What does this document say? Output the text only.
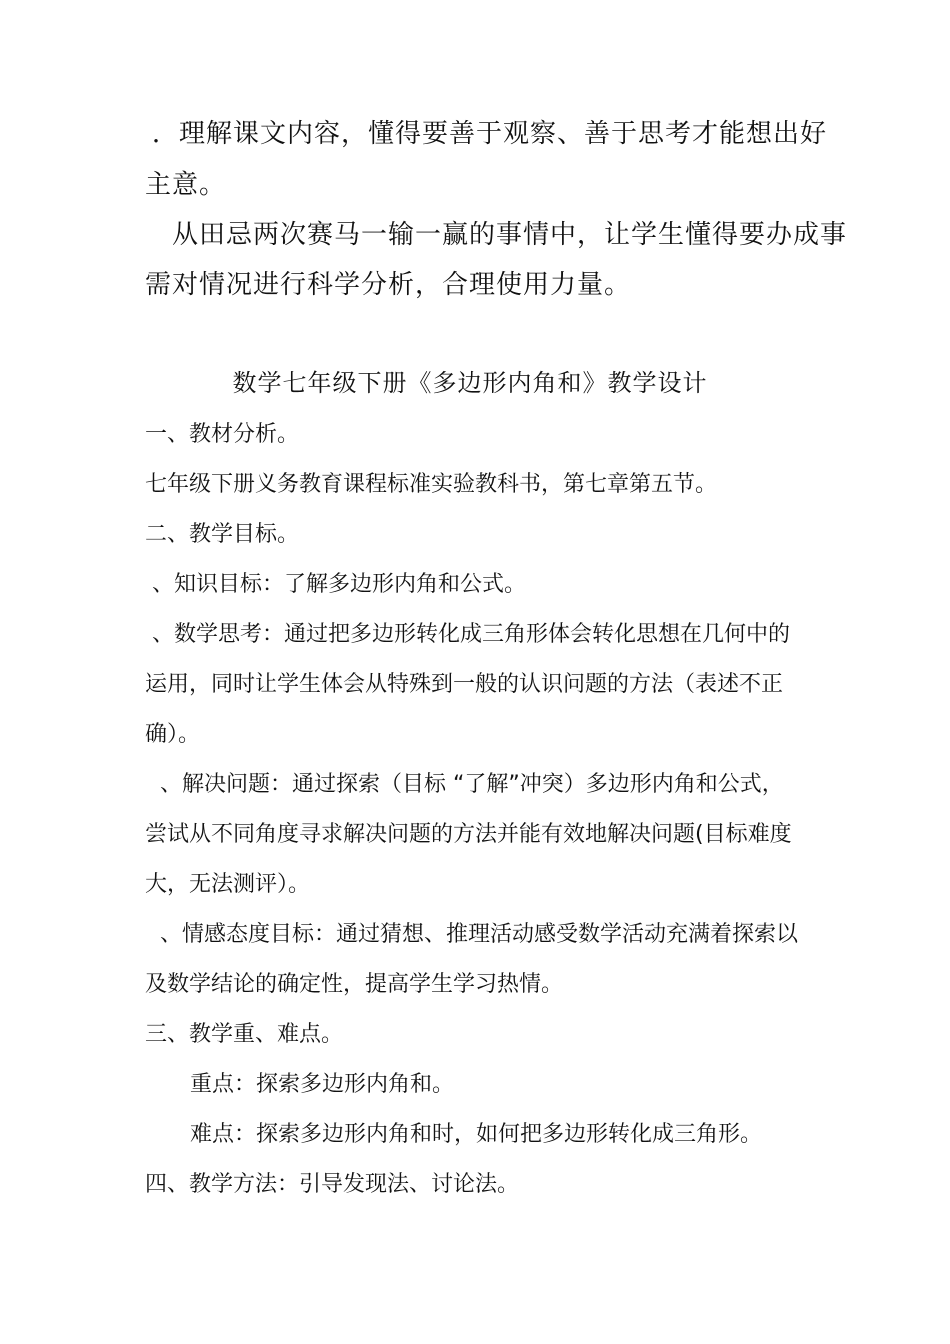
．理解课文内容，懂得要善于观察、善于思考才能想出好
主意。
从田忌两次赛马一输一赢的事情中，让学生懂得要办成事
需对情况进行科学分析，合理使用力量。
数学七年级下册《多边形内角和》教学设计
一、教材分析。
七年级下册义务教育课程标准实验教科书，第七章第五节。
二、教学目标。
、知识目标：了解多边形内角和公式。
、数学思考：通过把多边形转化成三角形体会转化思想在几何中的
运用，同时让学生体会从特殊到一般的认识问题的方法（表述不正
确）。
、解决问题：通过探索（目标 “了解”冲突）多边形内角和公式，
尝试从不同角度寻求解决问题的方法并能有效地解决问题(目标难度
大，无法测评）。
、情感态度目标：通过猜想、推理活动感受数学活动充满着探索以
及数学结论的确定性，提高学生学习热情。
三、教学重、难点。
重点：探索多边形内角和。
难点：探索多边形内角和时，如何把多边形转化成三角形。
四、教学方法：引导发现法、讨论法。
